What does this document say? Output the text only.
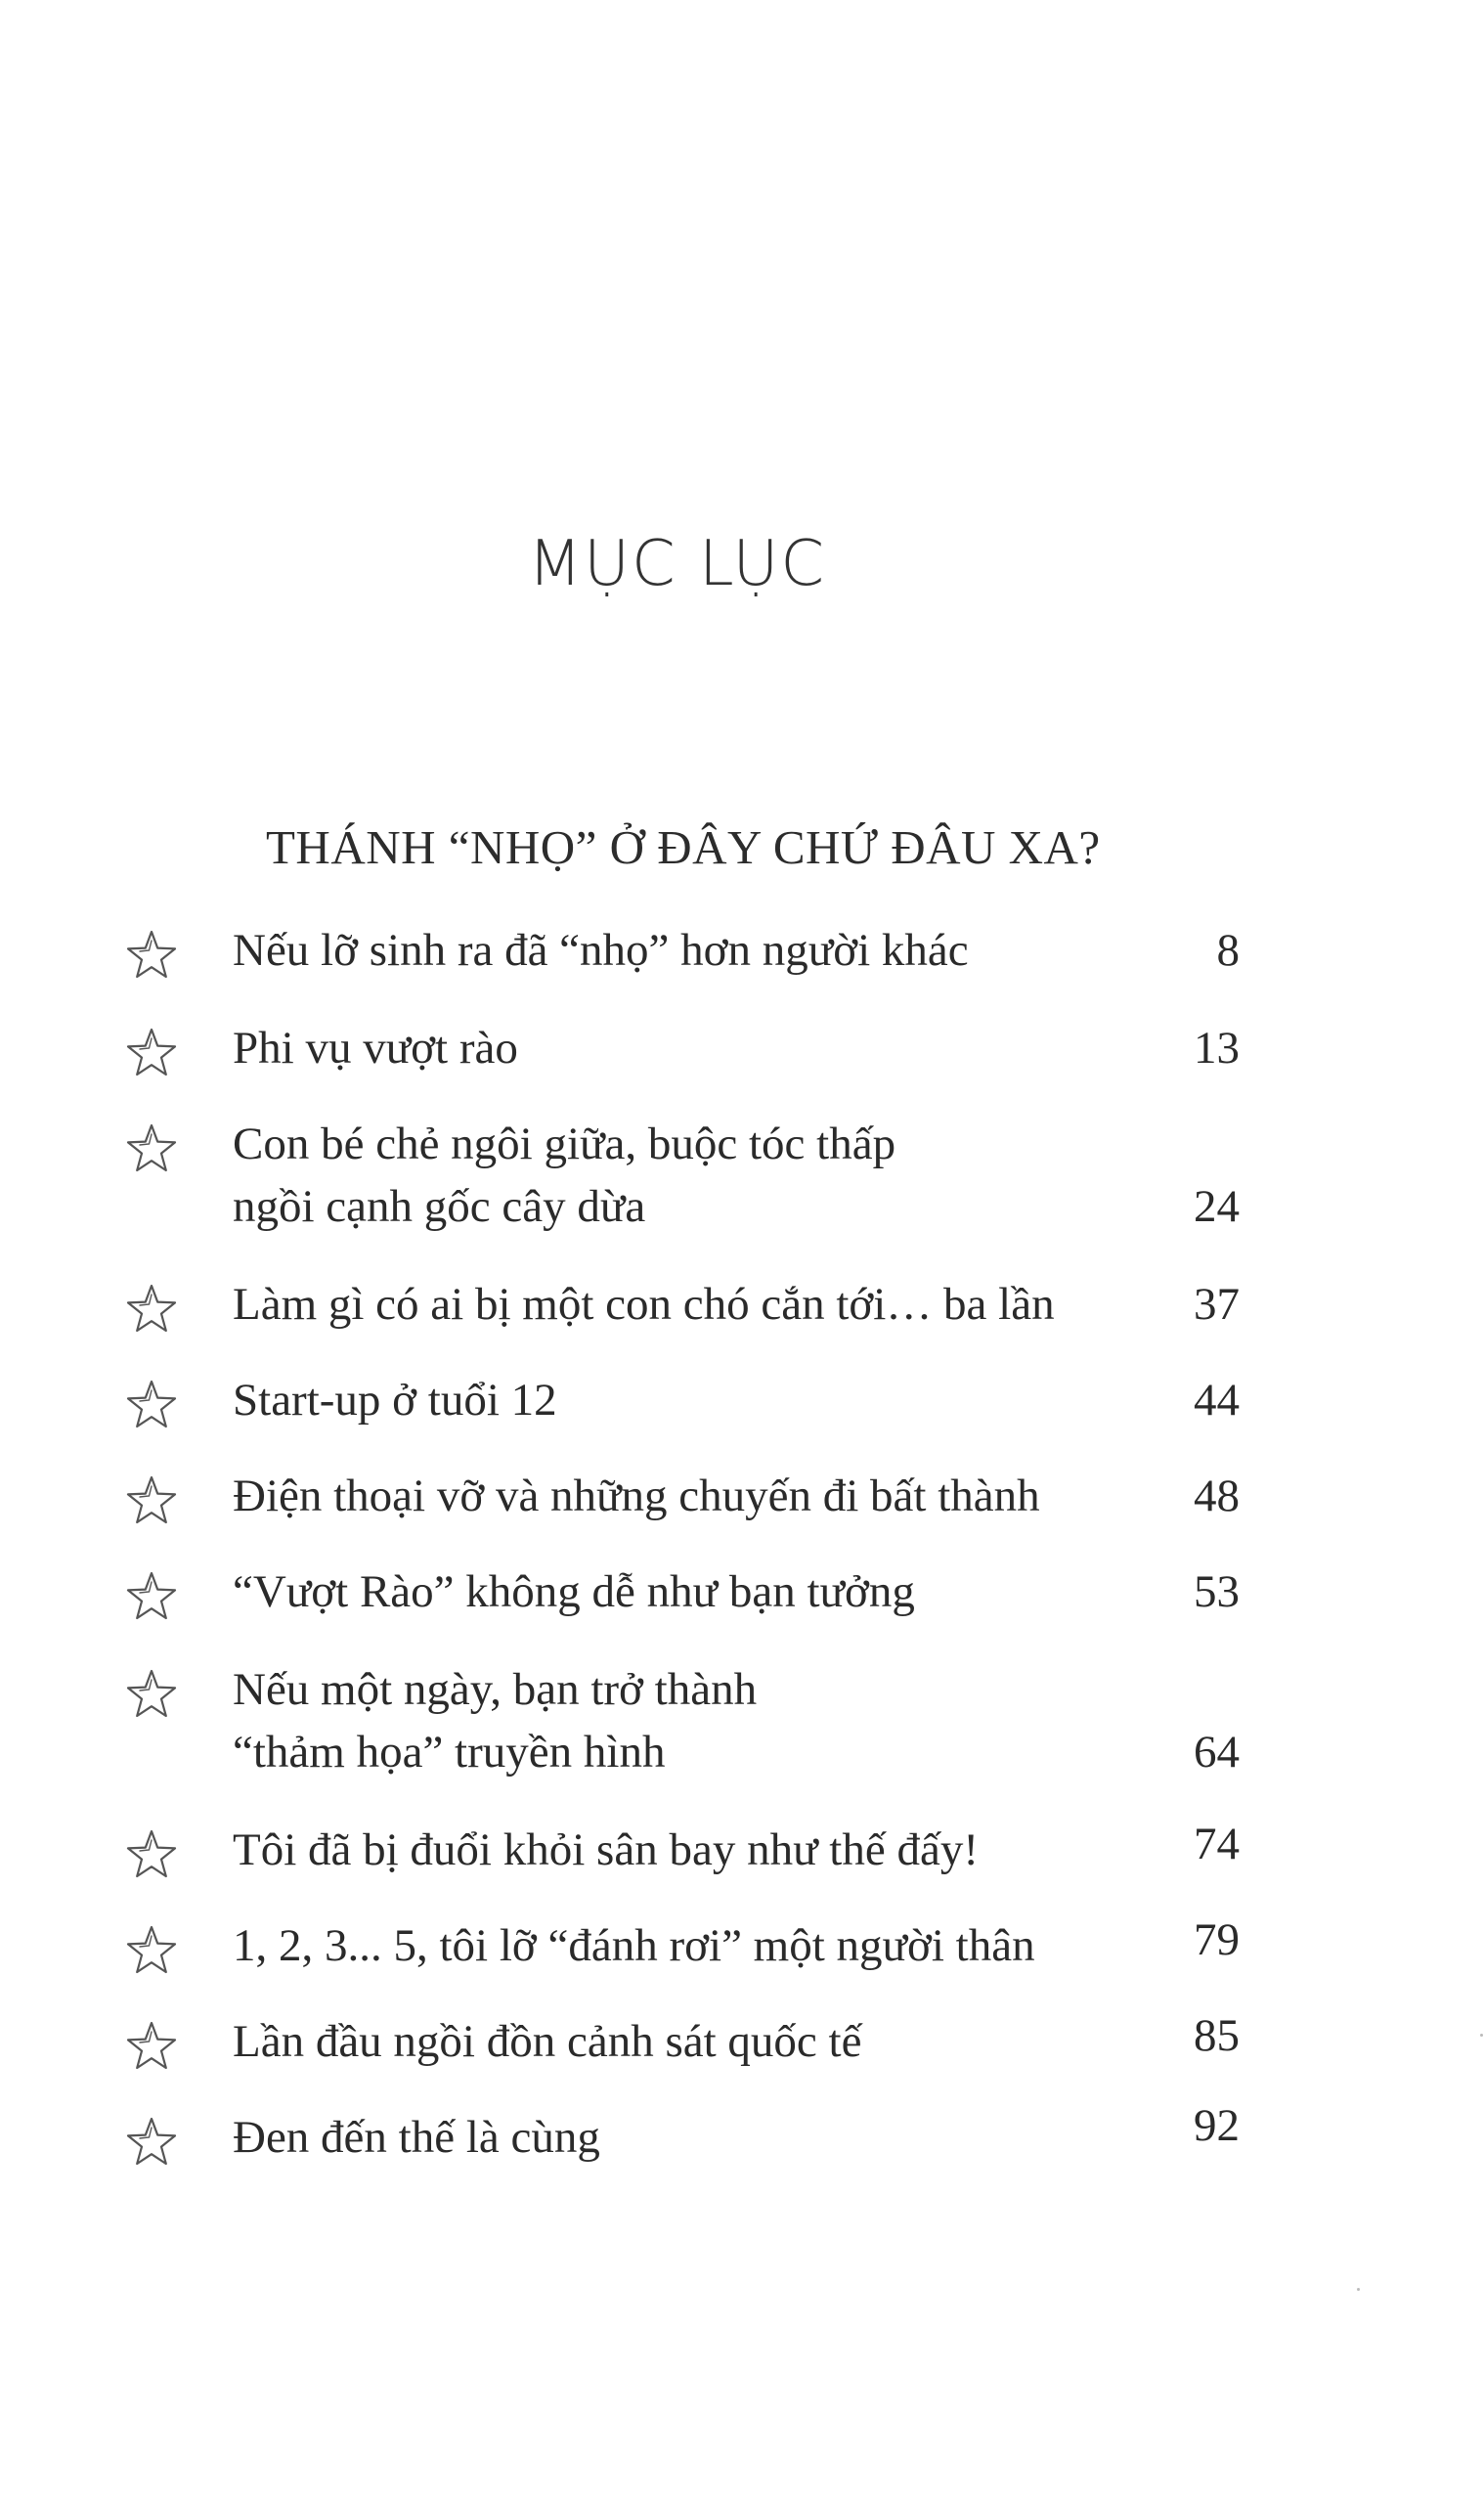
MỤC LỤC
THÁNH “NHỌ” Ở ĐÂY CHỨ ĐÂU XA?
Nếu lỡ sinh ra đã “nhọ” hơn người khác	8
Phi vụ vượt rào	13
Con bé chẻ ngôi giữa, buộc tóc thấp
ngồi cạnh gốc cây dừa	24
Làm gì có ai bị một con chó cắn tới… ba lần	37
Start-up ở tuổi 12	44
Điện thoại vỡ và những chuyến đi bất thành	48
“Vượt Rào” không dễ như bạn tưởng	53
Nếu một ngày, bạn trở thành
“thảm họa” truyền hình	64
Tôi đã bị đuổi khỏi sân bay như thế đấy!	74
1, 2, 3... 5, tôi lỡ “đánh rơi” một người thân	79
Lần đầu ngồi đồn cảnh sát quốc tế	85
Đen đến thế là cùng	92
